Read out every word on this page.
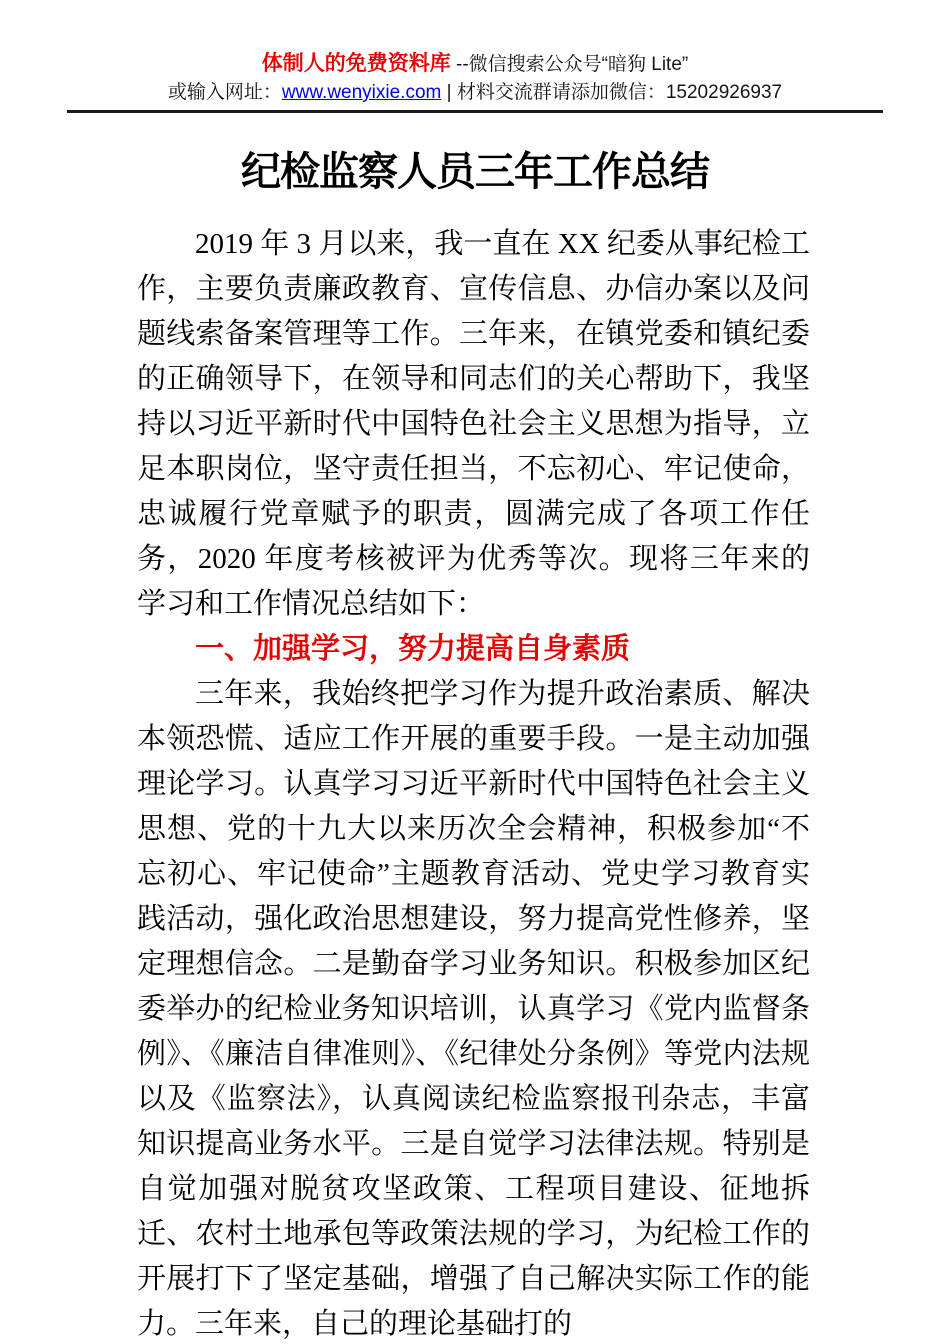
体制人的免费资料库 --微信搜索公众号“暗狗 Lite”
或输入网址：www.wenyixie.com | 材料交流群请添加微信：15202926937
纪检监察人员三年工作总结

2019 年 3 月以来，我一直在 XX 纪委从事纪检工作，主要负责廉政教育、宣传信息、办信办案以及问题线索备案管理等工作。三年来，在镇党委和镇纪委的正确领导下，在领导和同志们的关心帮助下，我坚持以习近平新时代中国特色社会主义思想为指导，立足本职岗位，坚守责任担当，不忘初心、牢记使命，忠诚履行党章赋予的职责，圆满完成了各项工作任务，2020 年度考核被评为优秀等次。现将三年来的学习和工作情况总结如下：

一、加强学习，努力提高自身素质

三年来，我始终把学习作为提升政治素质、解决本领恐慌、适应工作开展的重要手段。一是主动加强理论学习。认真学习习近平新时代中国特色社会主义思想、党的十九大以来历次全会精神，积极参加“不忘初心、牢记使命”主题教育活动、党史学习教育实践活动，强化政治思想建设，努力提高党性修养，坚定理想信念。二是勤奋学习业务知识。积极参加区纪委举办的纪检业务知识培训，认真学习《党内监督条例》、《廉洁自律准则》、《纪律处分条例》等党内法规以及《监察法》，认真阅读纪检监察报刊杂志，丰富知识提高业务水平。三是自觉学习法律法规。特别是自觉加强对脱贫攻坚政策、工程项目建设、征地拆迁、农村土地承包等政策法规的学习，为纪检工作的开展打下了坚定基础，增强了自己解决实际工作的能力。三年来，自己的理论基础打的
